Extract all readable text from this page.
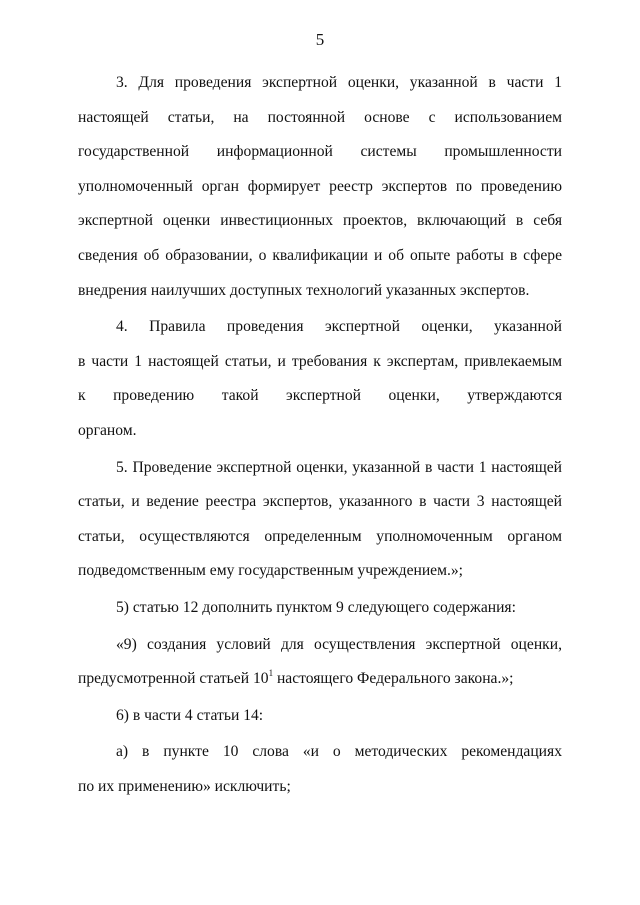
5
3. Для проведения экспертной оценки, указанной в части 1
настоящей статьи, на постоянной основе с использованием
государственной информационной системы промышленности
уполномоченный орган формирует реестр экспертов по проведению
экспертной оценки инвестиционных проектов, включающий в себя
сведения об образовании, о квалификации и об опыте работы в сфере
внедрения наилучших доступных технологий указанных экспертов.
4. Правила проведения экспертной оценки, указанной
в части 1 настоящей статьи, и требования к экспертам, привлекаемым
к проведению такой экспертной оценки, утверждаются
органом.
5. Проведение экспертной оценки, указанной в части 1 настоящей
статьи, и ведение реестра экспертов, указанного в части 3 настоящей
статьи, осуществляются определенным уполномоченным органом
подведомственным ему государственным учреждением.»;
5) статью 12 дополнить пунктом 9 следующего содержания:
«9) создания условий для осуществления экспертной оценки,
предусмотренной статьей $10^1$ настоящего Федерального закона.»;
6) в части 4 статьи 14:
а) в пункте 10 слова «и о методических рекомендациях
по их применению» исключить;
